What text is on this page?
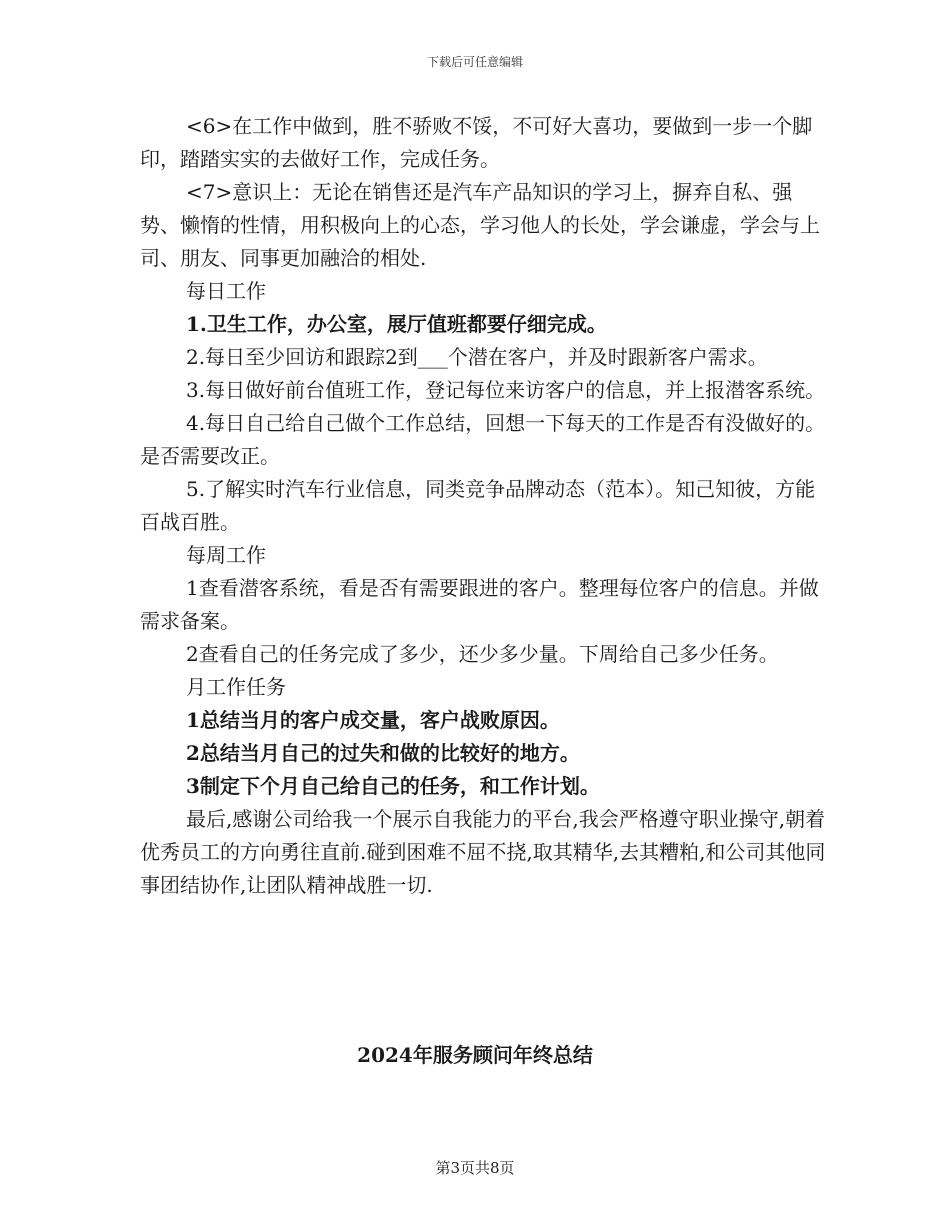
下载后可任意编辑

<6>在工作中做到，胜不骄败不馁，不可好大喜功，要做到一步一个脚印，踏踏实实的去做好工作，完成任务。

<7>意识上：无论在销售还是汽车产品知识的学习上，摒弃自私、强势、懒惰的性情，用积极向上的心态，学习他人的长处，学会谦虚，学会与上司、朋友、同事更加融洽的相处.

每日工作

1.卫生工作，办公室，展厅值班都要仔细完成。

2.每日至少回访和跟踪2到___个潜在客户，并及时跟新客户需求。

3.每日做好前台值班工作，登记每位来访客户的信息，并上报潜客系统。

4.每日自己给自己做个工作总结，回想一下每天的工作是否有没做好的。是否需要改正。

5.了解实时汽车行业信息，同类竞争品牌动态（范本）。知己知彼，方能百战百胜。

每周工作

1查看潜客系统，看是否有需要跟进的客户。整理每位客户的信息。并做需求备案。

2查看自己的任务完成了多少，还少多少量。下周给自己多少任务。

月工作任务

1总结当月的客户成交量，客户战败原因。

2总结当月自己的过失和做的比较好的地方。

3制定下个月自己给自己的任务，和工作计划。

最后,感谢公司给我一个展示自我能力的平台,我会严格遵守职业操守,朝着优秀员工的方向勇往直前.碰到困难不屈不挠,取其精华,去其糟粕,和公司其他同事团结协作,让团队精神战胜一切.

2024年服务顾问年终总结
第3页共8页
